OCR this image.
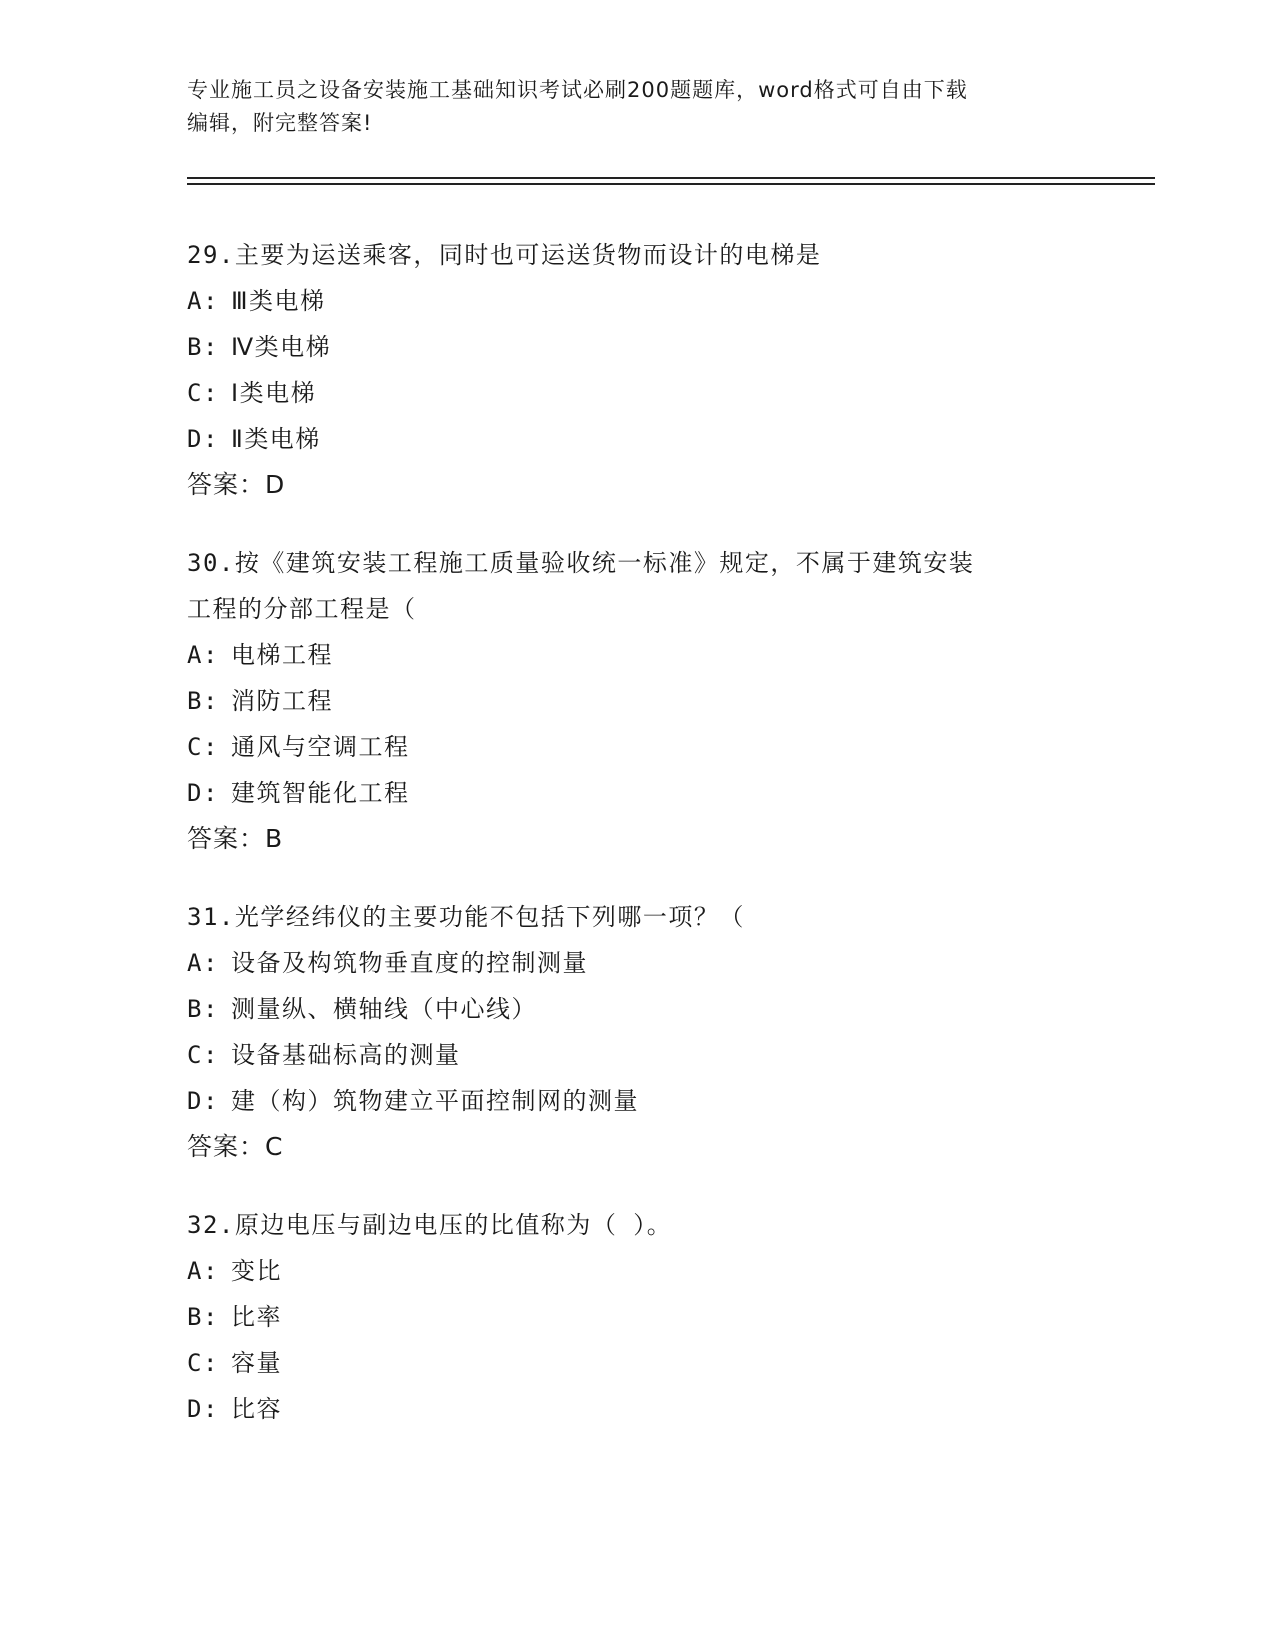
专业施工员之设备安装施工基础知识考试必刷200题题库，word格式可自由下载
编辑，附完整答案!
29.主要为运送乘客，同时也可运送货物而设计的电梯是
A: Ⅲ类电梯
B: Ⅳ类电梯
C: Ⅰ类电梯
D: Ⅱ类电梯
答案：D
30.按《建筑安装工程施工质量验收统一标准》规定，不属于建筑安装
工程的分部工程是（
A: 电梯工程
B: 消防工程
C: 通风与空调工程
D: 建筑智能化工程
答案：B
31.光学经纬仪的主要功能不包括下列哪一项？（
A: 设备及构筑物垂直度的控制测量
B: 测量纵、横轴线（中心线）
C: 设备基础标高的测量
D: 建（构）筑物建立平面控制网的测量
答案：C
32.原边电压与副边电压的比值称为（ ）。
A: 变比
B: 比率
C: 容量
D: 比容
